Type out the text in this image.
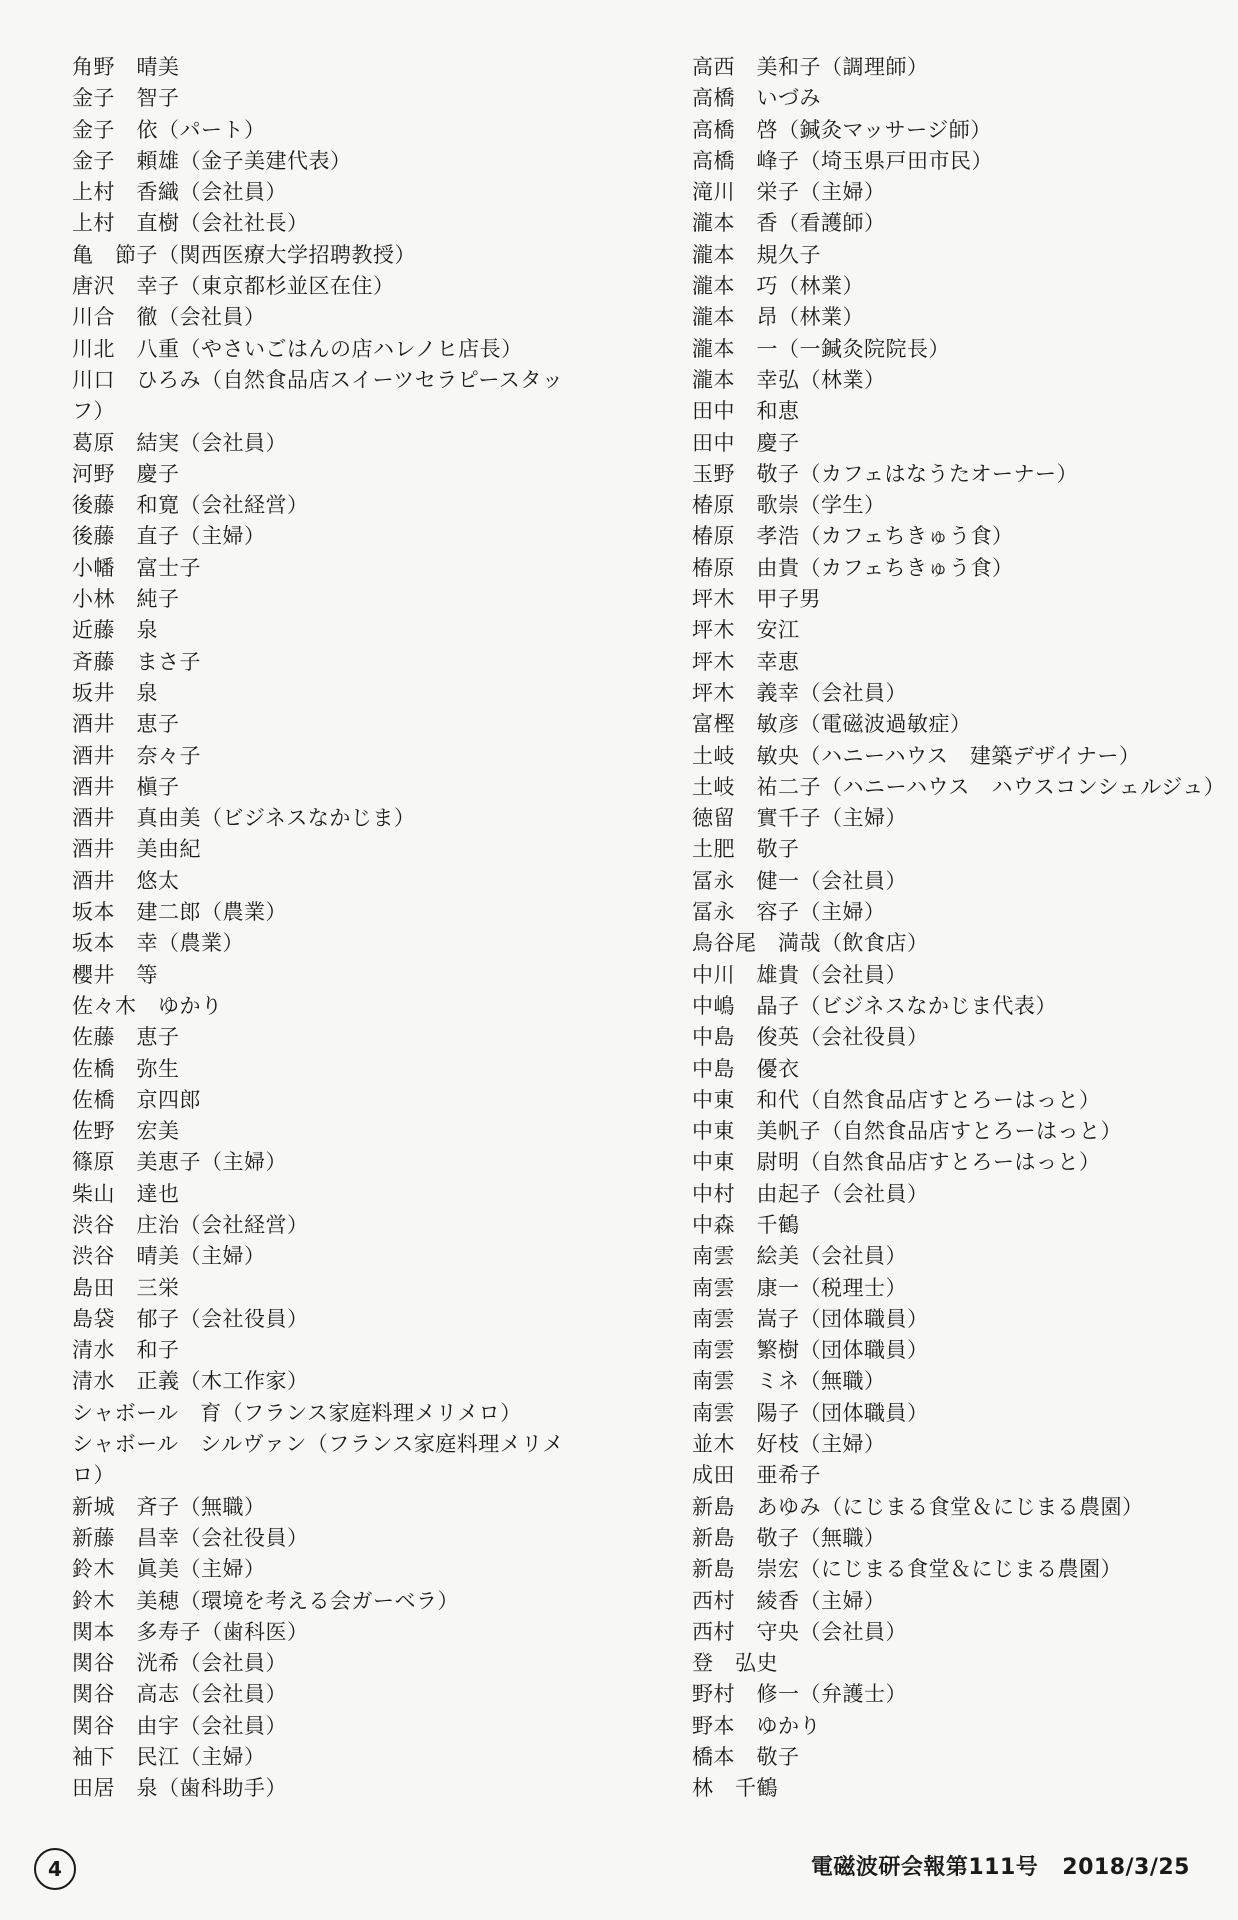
角野　晴美
金子　智子
金子　依（パート）
金子　頼雄（金子美建代表）
上村　香織（会社員）
上村　直樹（会社社長）
亀　節子（関西医療大学招聘教授）
唐沢　幸子（東京都杉並区在住）
川合　徹（会社員）
川北　八重（やさいごはんの店ハレノヒ店長）
川口　ひろみ（自然食品店スイーツセラピースタッフ）
葛原　結実（会社員）
河野　慶子
後藤　和寛（会社経営）
後藤　直子（主婦）
小幡　富士子
小林　純子
近藤　泉
斉藤　まさ子
坂井　泉
酒井　恵子
酒井　奈々子
酒井　槇子
酒井　真由美（ビジネスなかじま）
酒井　美由紀
酒井　悠太
坂本　建二郎（農業）
坂本　幸（農業）
櫻井　等
佐々木　ゆかり
佐藤　恵子
佐橋　弥生
佐橋　京四郎
佐野　宏美
篠原　美恵子（主婦）
柴山　達也
渋谷　庄治（会社経営）
渋谷　晴美（主婦）
島田　三栄
島袋　郁子（会社役員）
清水　和子
清水　正義（木工作家）
シャボール　育（フランス家庭料理メリメロ）
シャボール　シルヴァン（フランス家庭料理メリメロ）
新城　斉子（無職）
新藤　昌幸（会社役員）
鈴木　眞美（主婦）
鈴木　美穂（環境を考える会ガーベラ）
関本　多寿子（歯科医）
関谷　洸希（会社員）
関谷　高志（会社員）
関谷　由宇（会社員）
袖下　民江（主婦）
田居　泉（歯科助手）
高西　美和子（調理師）
高橋　いづみ
高橋　啓（鍼灸マッサージ師）
高橋　峰子（埼玉県戸田市民）
滝川　栄子（主婦）
瀧本　香（看護師）
瀧本　規久子
瀧本　巧（林業）
瀧本　昂（林業）
瀧本　一（一鍼灸院院長）
瀧本　幸弘（林業）
田中　和恵
田中　慶子
玉野　敬子（カフェはなうたオーナー）
椿原　歌崇（学生）
椿原　孝浩（カフェちきゅう食）
椿原　由貴（カフェちきゅう食）
坪木　甲子男
坪木　安江
坪木　幸恵
坪木　義幸（会社員）
富樫　敏彦（電磁波過敏症）
土岐　敏央（ハニーハウス　建築デザイナー）
土岐　祐二子（ハニーハウス　ハウスコンシェルジュ）
徳留　實千子（主婦）
土肥　敬子
冨永　健一（会社員）
冨永　容子（主婦）
鳥谷尾　満哉（飲食店）
中川　雄貴（会社員）
中嶋　晶子（ビジネスなかじま代表）
中島　俊英（会社役員）
中島　優衣
中東　和代（自然食品店すとろーはっと）
中東　美帆子（自然食品店すとろーはっと）
中東　尉明（自然食品店すとろーはっと）
中村　由起子（会社員）
中森　千鶴
南雲　絵美（会社員）
南雲　康一（税理士）
南雲　嵩子（団体職員）
南雲　繁樹（団体職員）
南雲　ミネ（無職）
南雲　陽子（団体職員）
並木　好枝（主婦）
成田　亜希子
新島　あゆみ（にじまる食堂＆にじまる農園）
新島　敬子（無職）
新島　崇宏（にじまる食堂＆にじまる農園）
西村　綾香（主婦）
西村　守央（会社員）
登　弘史
野村　修一（弁護士）
野本　ゆかり
橋本　敬子
林　千鶴
4	電磁波研会報第111号 2018/3/25
